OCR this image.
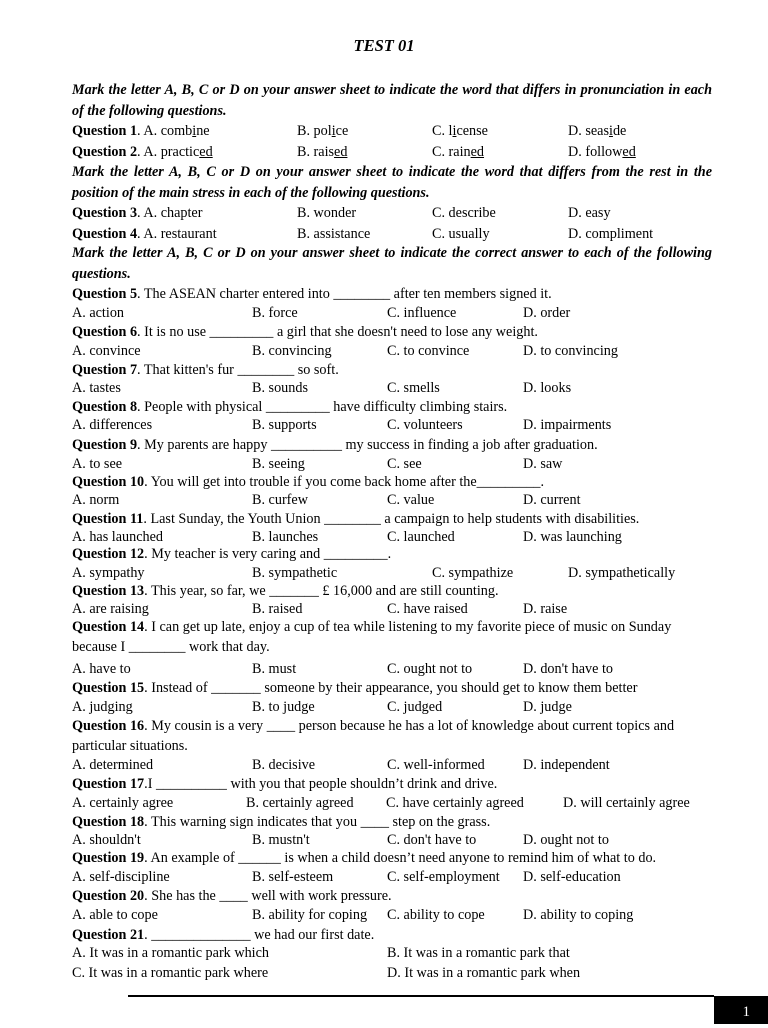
TEST 01
Mark the letter A, B, C or D on your answer sheet to indicate the word that differs in pronunciation in each of the following questions.
Question 1. A. combine	B. police	C. license	D. seaside
Question 2. A. practiced	B. raised	C. rained	D. followed
Mark the letter A, B, C or D on your answer sheet to indicate the word that differs from the rest in the position of the main stress in each of the following questions.
Question 3. A. chapter	B. wonder	C. describe	D. easy
Question 4. A. restaurant	B. assistance	C. usually	D. compliment
Mark the letter A, B, C or D on your answer sheet to indicate the correct answer to each of the following questions.
Question 5. The ASEAN charter entered into ________ after ten members signed it.
A. action	B. force	C. influence	D. order
Question 6. It is no use _________ a girl that she doesn't need to lose any weight.
A. convince	B. convincing	C. to convince	D. to convincing
Question 7. That kitten's fur ________ so soft.
A. tastes	B. sounds	C. smells	D. looks
Question 8. People with physical _________ have difficulty climbing stairs.
A. differences	B. supports	C. volunteers	D. impairments
Question 9. My parents are happy __________ my success in finding a job after graduation.
A. to see	B. seeing	C. see	D. saw
Question 10. You will get into trouble if you come back home after the_________.
A. norm	B. curfew	C. value	D. current
Question 11. Last Sunday, the Youth Union ________ a campaign to help students with disabilities.
A. has launched	B. launches	C. launched	D. was launching
Question 12. My teacher is very caring and _________.
A. sympathy	B. sympathetic	C. sympathize	D. sympathetically
Question 13. This year, so far, we _______ £ 16,000 and are still counting.
A. are raising	B. raised	C. have raised	D. raise
Question 14. I can get up late, enjoy a cup of tea while listening to my favorite piece of music on Sunday because I ________ work that day.
A. have to	B. must	C. ought not to	D. don't have to
Question 15. Instead of _______ someone by their appearance, you should get to know them better
A. judging	B. to judge	C. judged	D. judge
Question 16. My cousin is a very ____ person because he has a lot of knowledge about current topics and particular situations.
A. determined	B. decisive	C. well-informed	D. independent
Question 17.I __________ with you that people shouldn’t drink and drive.
A. certainly agree	B. certainly agreed C. have certainly agreed	D. will certainly agree
Question 18. This warning sign indicates that you ____ step on the grass.
A. shouldn't	B. mustn't	C. don't have to	D. ought not to
Question 19. An example of ______ is when a child doesn’t need anyone to remind him of what to do.
A. self-discipline	B. self-esteem	C. self-employment D. self-education
Question 20. She has the ____ well with work pressure.
A. able to cope	B. ability for coping C. ability to cope	D. ability to coping
Question 21. ______________ we had our first date.
A. It was in a romantic park which	B. It was in a romantic park that
C. It was in a romantic park where	D. It was in a romantic park when
1
